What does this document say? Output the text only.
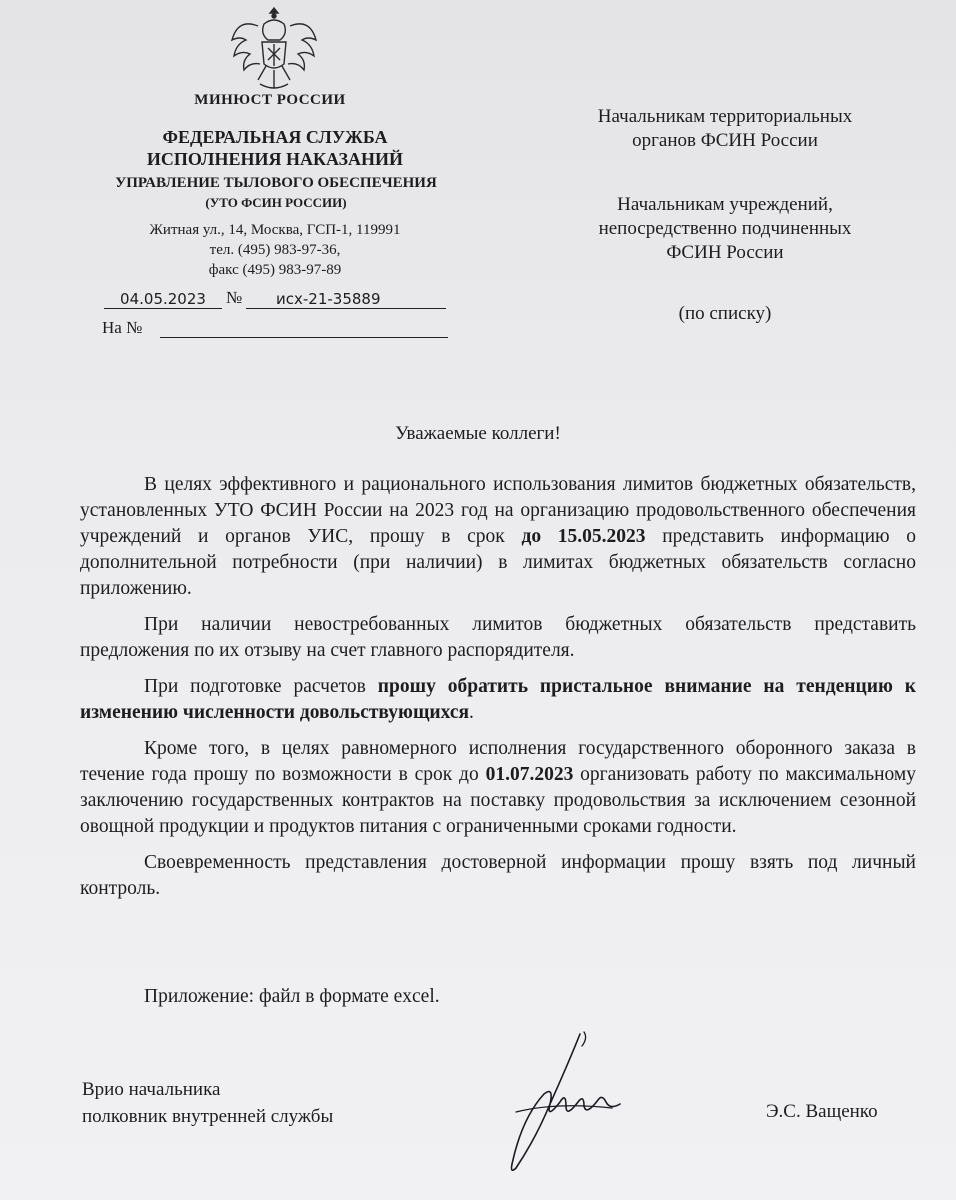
МИНЮСТ РОССИИ
ФЕДЕРАЛЬНАЯ СЛУЖБА
ИСПОЛНЕНИЯ НАКАЗАНИЙ
УПРАВЛЕНИЕ ТЫЛОВОГО ОБЕСПЕЧЕНИЯ
(УТО ФСИН РОССИИ)
Житная ул., 14, Москва, ГСП-1, 119991
тел. (495) 983-97-36,
факс (495) 983-97-89
04.05.2023	№	исх-21-35889
На №
Начальникам территориальных
органов ФСИН России
Начальникам учреждений,
непосредственно подчиненных
ФСИН России
(по списку)
Уважаемые коллеги!

В целях эффективного и рационального использования лимитов бюджетных обязательств, установленных УТО ФСИН России на 2023 год на организацию продовольственного обеспечения учреждений и органов УИС, прошу в срок до 15.05.2023 представить информацию о дополнительной потребности (при наличии) в лимитах бюджетных обязательств согласно приложению.

При наличии невостребованных лимитов бюджетных обязательств представить предложения по их отзыву на счет главного распорядителя.

При подготовке расчетов прошу обратить пристальное внимание на тенденцию к изменению численности довольствующихся.

Кроме того, в целях равномерного исполнения государственного оборонного заказа в течение года прошу по возможности в срок до 01.07.2023 организовать работу по максимальному заключению государственных контрактов на поставку продовольствия за исключением сезонной овощной продукции и продуктов питания с ограниченными сроками годности.

Своевременность представления достоверной информации прошу взять под личный контроль.

Приложение: файл в формате excel.
Врио начальника
полковник внутренней службы	Э.С. Ващенко
